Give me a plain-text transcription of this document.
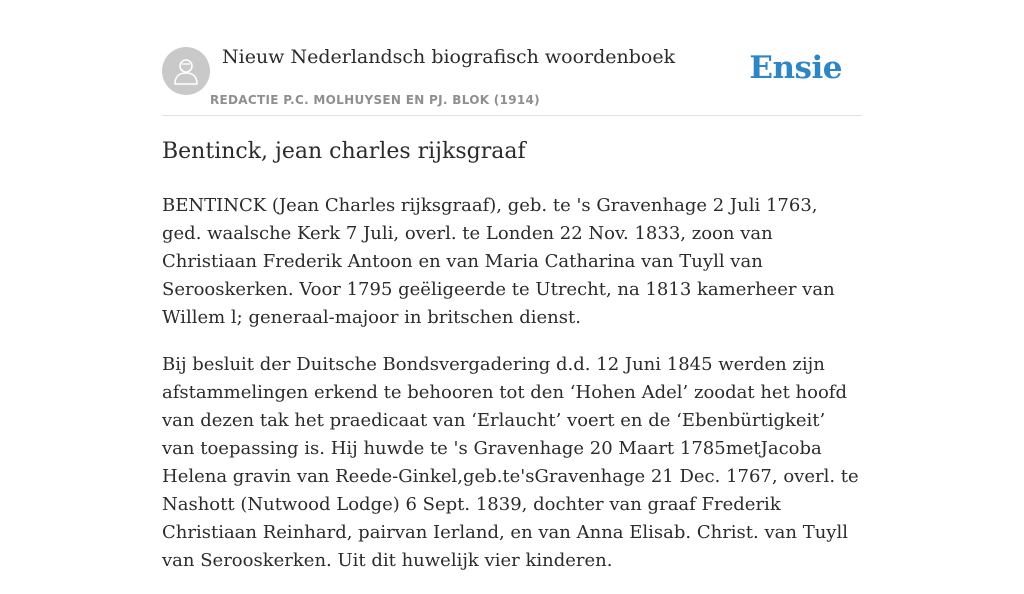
Nieuw Nederlandsch biografisch woordenboek
REDACTIE P.C. MOLHUYSEN EN PJ. BLOK (1914)
Ensie
Bentinck, jean charles rijksgraaf

BENTINCK (Jean Charles rijksgraaf), geb. te 's Gravenhage 2 Juli 1763, ged. waalsche Kerk 7 Juli, overl. te Londen 22 Nov. 1833, zoon van Christiaan Frederik Antoon en van Maria Catharina van Tuyll van Serooskerken. Voor 1795 geëligeerde te Utrecht, na 1813 kamerheer van Willem l; generaal-majoor in britschen dienst.

Bij besluit der Duitsche Bondsvergadering d.d. 12 Juni 1845 werden zijn afstammelingen erkend te behooren tot den ‘Hohen Adel’ zoodat het hoofd van dezen tak het praedicaat van ‘Erlaucht’ voert en de ‘Ebenbürtigkeit’ van toepassing is. Hij huwde te 's Gravenhage 20 Maart 1785metJacoba Helena gravin van Reede-Ginkel,geb.te'sGravenhage 21 Dec. 1767, overl. te Nashott (Nutwood Lodge) 6 Sept. 1839, dochter van graaf Frederik Christiaan Reinhard, pairvan Ierland, en van Anna Elisab. Christ. van Tuyll van Serooskerken. Uit dit huwelijk vier kinderen.
